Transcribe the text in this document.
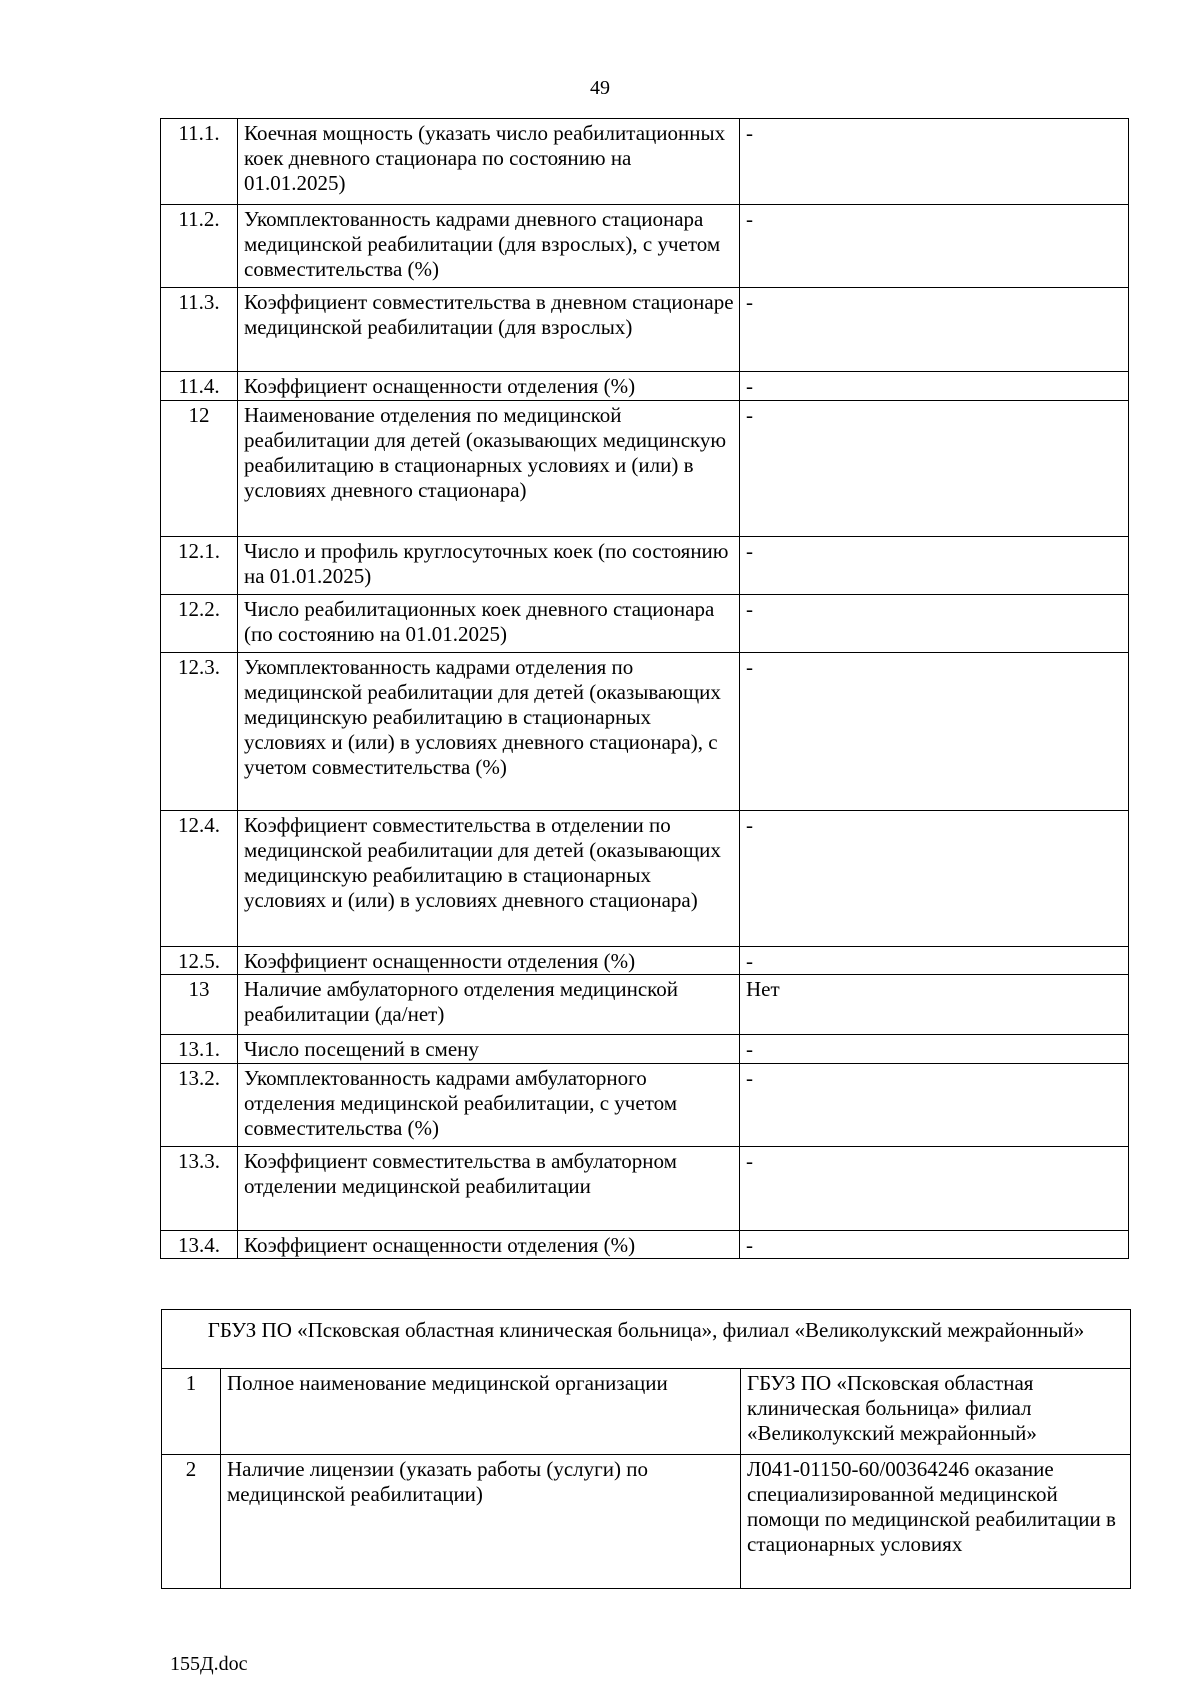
49
11.1.	Коечная мощность (указать число реабилитационных коек дневного стационара по состоянию на 01.01.2025)	-
11.2.	Укомплектованность кадрами дневного стационара медицинской реабилитации (для взрослых), с учетом совместительства (%)	-
11.3.	Коэффициент совместительства в дневном стационаре медицинской реабилитации (для взрослых)	-
11.4.	Коэффициент оснащенности отделения (%)	-
12	Наименование отделения по медицинской реабилитации для детей (оказывающих медицинскую реабилитацию в стационарных условиях и (или) в условиях дневного стационара)	-
12.1.	Число и профиль круглосуточных коек (по состоянию на 01.01.2025)	-
12.2.	Число реабилитационных коек дневного стационара (по состоянию на 01.01.2025)	-
12.3.	Укомплектованность кадрами отделения по медицинской реабилитации для детей (оказывающих медицинскую реабилитацию в стационарных условиях и (или) в условиях дневного стационара), с учетом совместительства (%)	-
12.4.	Коэффициент совместительства в отделении по медицинской реабилитации для детей (оказывающих медицинскую реабилитацию в стационарных условиях и (или) в условиях дневного стационара)	-
12.5.	Коэффициент оснащенности отделения (%)	-
13	Наличие амбулаторного отделения медицинской реабилитации (да/нет)	Нет
13.1.	Число посещений в смену	-
13.2.	Укомплектованность кадрами амбулаторного отделения медицинской реабилитации, с учетом совместительства (%)	-
13.3.	Коэффициент совместительства в амбулаторном отделении медицинской реабилитации	-
13.4.	Коэффициент оснащенности отделения (%)	-
ГБУЗ ПО «Псковская областная клиническая больница», филиал «Великолукский межрайонный»		
1	Полное наименование медицинской организации	ГБУЗ ПО «Псковская областная клиническая больница» филиал «Великолукский межрайонный»
2	Наличие лицензии (указать работы (услуги) по медицинской реабилитации)	Л041-01150-60/00364246 оказание специализированной медицинской помощи по медицинской реабилитации в стационарных условиях
155Д.doc
